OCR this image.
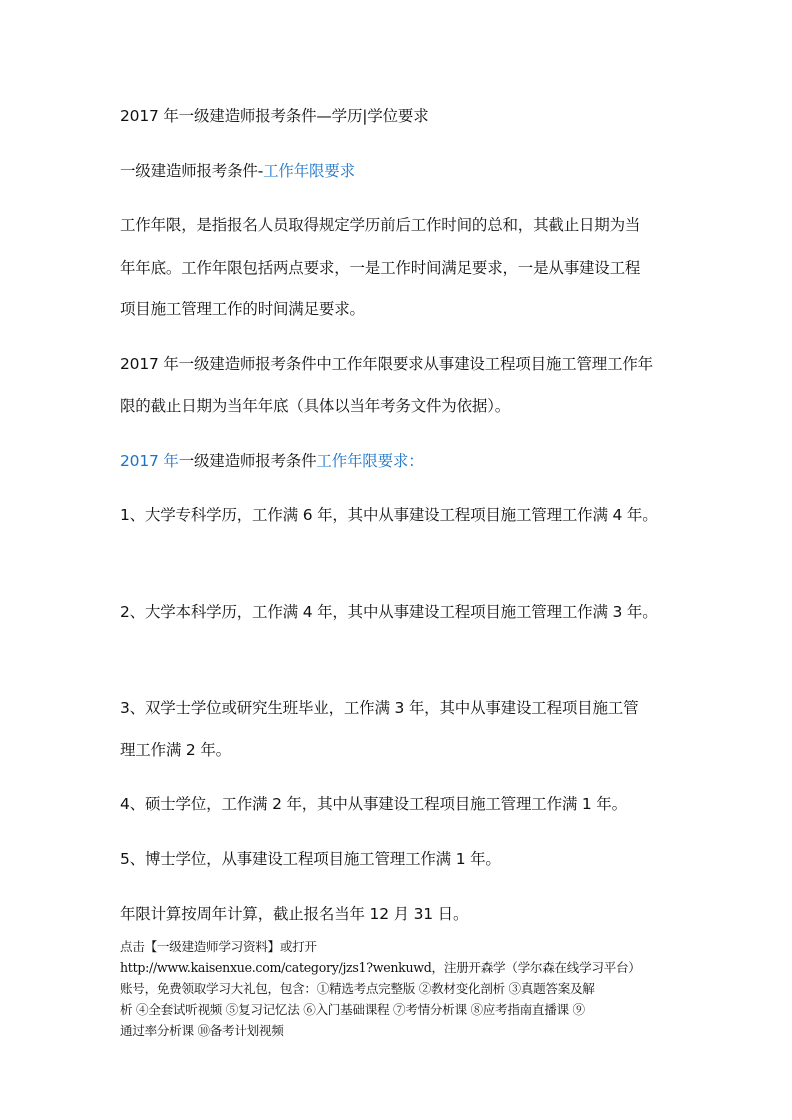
2017 年一级建造师报考条件—学历|学位要求
一级建造师报考条件-工作年限要求
工作年限，是指报名人员取得规定学历前后工作时间的总和，其截止日期为当
年年底。工作年限包括两点要求，一是工作时间满足要求，一是从事建设工程
项目施工管理工作的时间满足要求。
2017 年一级建造师报考条件中工作年限要求从事建设工程项目施工管理工作年
限的截止日期为当年年底（具体以当年考务文件为依据）。
2017 年一级建造师报考条件工作年限要求：
1、大学专科学历，工作满 6 年，其中从事建设工程项目施工管理工作满 4 年。
2、大学本科学历，工作满 4 年，其中从事建设工程项目施工管理工作满 3 年。
3、双学士学位或研究生班毕业，工作满 3 年，其中从事建设工程项目施工管
理工作满 2 年。
4、硕士学位，工作满 2 年，其中从事建设工程项目施工管理工作满 1 年。
5、博士学位，从事建设工程项目施工管理工作满 1 年。
年限计算按周年计算，截止报名当年 12 月 31 日。
点击【一级建造师学习资料】或打开
http://www.kaisenxue.com/category/jzs1?wenkuwd，注册开森学（学尔森在线学习平台）
账号，免费领取学习大礼包，包含：①精选考点完整版 ②教材变化剖析 ③真题答案及解
析 ④全套试听视频 ⑤复习记忆法 ⑥入门基础课程 ⑦考情分析课 ⑧应考指南直播课 ⑨
通过率分析课 ⑩备考计划视频
